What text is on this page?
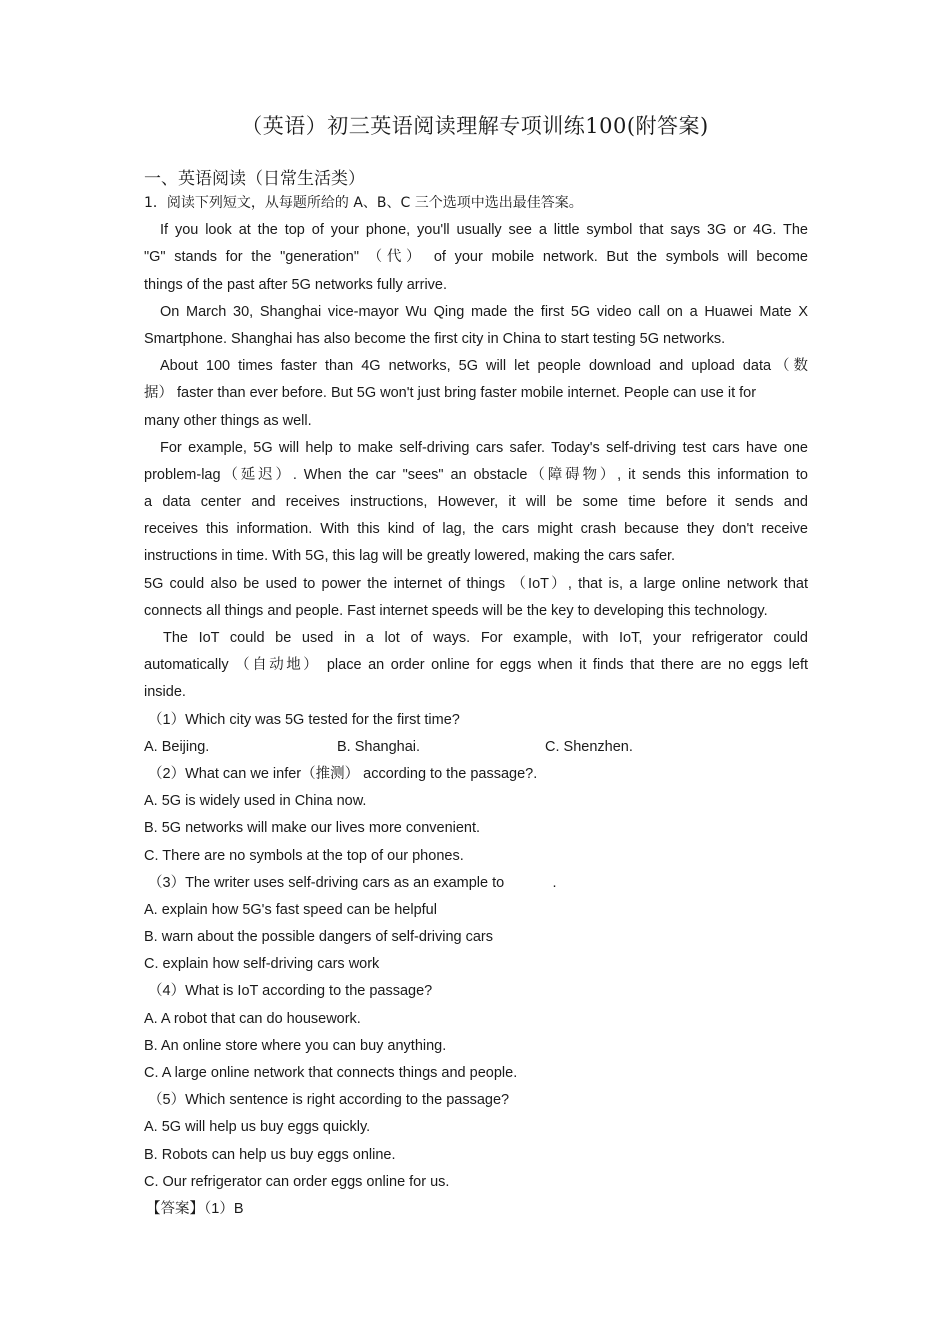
（英语）初三英语阅读理解专项训练100(附答案)
一、英语阅读（日常生活类）
1．阅读下列短文，从每题所给的 A、B、C 三个选项中选出最佳答案。
If you look at the top of your phone, you'll usually see a little symbol that says 3G or 4G. The
"G" stands for the "generation" （代） of your mobile network. But the symbols will become
things of the past after 5G networks fully arrive.
On March 30, Shanghai vice-mayor Wu Qing made the first 5G video call on a Huawei Mate X
Smartphone. Shanghai has also become the first city in China to start testing 5G networks.
About 100 times faster than 4G networks, 5G will let people download and upload data（数
据） faster than ever before. But 5G won't just bring faster mobile internet. People can use it for
many other things as well.
For example, 5G will help to make self-driving cars safer. Today's self-driving test cars have one
problem-lag（延迟）. When the car "sees" an obstacle（障碍物）, it sends this information to
a data center and receives instructions, However, it will be some time before it sends and
receives this information. With this kind of lag, the cars might crash because they don't receive
instructions in time. With 5G, this lag will be greatly lowered, making the cars safer.
5G could also be used to power the internet of things （IoT）, that is, a large online network that
connects all things and people. Fast internet speeds will be the key to developing this technology.
The IoT could be used in a lot of ways. For example, with IoT, your refrigerator could
automatically （自动地） place an order online for eggs when it finds that there are no eggs left
inside.
（1）Which city was 5G tested for the first time?
A. Beijing.	B. Shanghai.	C. Shenzhen.
（2）What can we infer（推测） according to the passage?.
A. 5G is widely used in China now.
B. 5G networks will make our lives more convenient.
C. There are no symbols at the top of our phones.
（3）The writer uses self-driving cars as an example to            .
A. explain how 5G's fast speed can be helpful
B. warn about the possible dangers of self-driving cars
C. explain how self-driving cars work
（4）What is IoT according to the passage?
A. A robot that can do housework.
B. An online store where you can buy anything.
C. A large online network that connects things and people.
（5）Which sentence is right according to the passage?
A. 5G will help us buy eggs quickly.
B. Robots can help us buy eggs online.
C. Our refrigerator can order eggs online for us.
【答案】（1）B
